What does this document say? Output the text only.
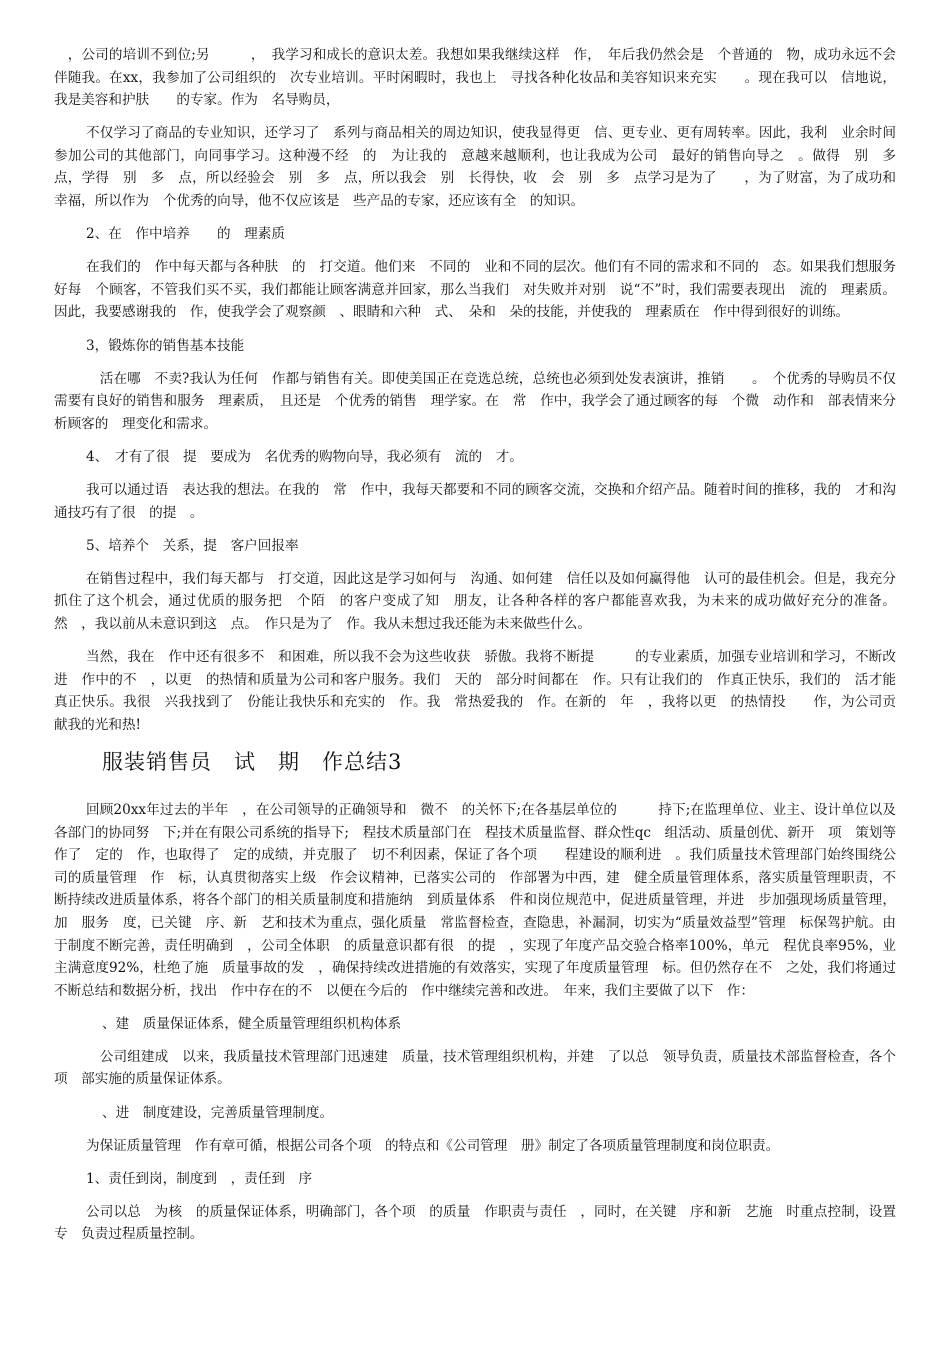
　，公司的培训不到位;另　　　，　我学习和成长的意识太差。我想如果我继续这样　作，　年后我仍然会是　个普通的　物，成功永远不会伴随我。在xx，我参加了公司组织的　次专业培训。平时闲暇时，我也上　寻找各种化妆品和美容知识来充实　　。现在我可以　信地说，我是美容和护肤　　的专家。作为　名导购员，

不仅学习了商品的专业知识，还学习了　系列与商品相关的周边知识，使我显得更　信、更专业、更有周转率。因此，我利　业余时间参加公司的其他部门，向同事学习。这种漫不经　的　为让我的　意越来越顺利，也让我成为公司　最好的销售向导之　。做得　别　多　点，学得　别　多　点，所以经验会　别　多　点，所以我会　别　长得快，收　会　别　多　点学习是为了　　，为了财富，为了成功和幸福，所以作为　个优秀的向导，他不仅应该是　些产品的专家，还应该有全　的知识。

2、在　作中培养　　的　理素质

在我们的　作中每天都与各种肤　的　打交道。他们来　不同的　业和不同的层次。他们有不同的需求和不同的　态。如果我们想服务好每　个顾客，不管我们买不买，我们都能让顾客满意并回家，那么当我们　对失败并对别　说“不”时，我们需要表现出　流的　理素质。因此，我要感谢我的　作，使我学会了观察颜　、眼睛和六种　式、　朵和　朵的技能，并使我的　理素质在　作中得到很好的训练。

3，锻炼你的销售基本技能

　活在哪　不卖?我认为任何　作都与销售有关。即使美国正在竞选总统，总统也必须到处发表演讲，推销　　。　个优秀的导购员不仅需要有良好的销售和服务　理素质，　且还是　个优秀的销售　理学家。在　常　作中，我学会了通过顾客的每　个微　动作和　部表情来分析顾客的　理变化和需求。

4、　才有了很　提　要成为　名优秀的购物向导，我必须有　流的　才。

我可以通过语　表达我的想法。在我的　常　作中，我每天都要和不同的顾客交流，交换和介绍产品。随着时间的推移，我的　才和沟通技巧有了很　的提　。

5、培养个　关系，提　客户回报率

在销售过程中，我们每天都与　打交道，因此这是学习如何与　沟通、如何建　信任以及如何赢得他　认可的最佳机会。但是，我充分抓住了这个机会，通过优质的服务把　个陌　的客户变成了知　朋友，让各种各样的客户都能喜欢我，为未来的成功做好充分的准备。然　，我以前从未意识到这　点。　作只是为了　作。我从未想过我还能为未来做些什么。

当然，我在　作中还有很多不　和困难，所以我不会为这些收获　骄傲。我将不断提　　　的专业素质，加强专业培训和学习，不断改进　作中的不　，以更　的热情和质量为公司和客户服务。我们　天的　部分时间都在　作。只有让我们的　作真正快乐，我们的　活才能真正快乐。我很　兴我找到了　份能让我快乐和充实的　作。我　常热爱我的　作。在新的　年　，我将以更　的热情投　　作，为公司贡献我的光和热!

服装销售员　试　期　作总结3

回顾20xx年过去的半年　，在公司领导的正确领导和　微不　的关怀下;在各基层单位的　　　持下;在监理单位、业主、设计单位以及各部门的协同努　下;并在有限公司系统的指导下;　程技术质量部门在　程技术质量监督、群众性qc　组活动、质量创优、新开　项　策划等　　作了　定的　作，也取得了　定的成绩，并克服了　切不利因素，保证了各个项　　程建设的顺利进　。我们质量技术管理部门始终围绕公司的质量管理　作　标，认真贯彻落实上级　作会议精神，已落实公司的　作部署为中西，建　健全质量管理体系，落实质量管理职责，不断持续改进质量体系，将各个部门的相关质量制度和措施纳　到质量体系　件和岗位规范中，促进质量管理，并进　步加强现场质量管理，加　服务　度，已关键　序、新　艺和技术为重点，强化质量　常监督检查，查隐患，补漏洞，切实为“质量效益型”管理　标保驾护航。由于制度不断完善，责任明确到　，公司全体职　的质量意识都有很　的提　，实现了年度产品交验合格率100%，单元　程优良率95%，业主满意度92%，杜绝了施　质量事故的发　，确保持续改进措施的有效落实，实现了年度质量管理　标。但仍然存在不　之处，我们将通过不断总结和数据分析，找出　作中存在的不　以便在今后的　作中继续完善和改进。　年来，我们主要做了以下　作：

、建　质量保证体系，健全质量管理组织机构体系

　公司组建成　以来，我质量技术管理部门迅速建　质量，技术管理组织机构，并建　了以总　领导负责，质量技术部监督检查，各个项　部实施的质量保证体系。

、进　制度建设，完善质量管理制度。

为保证质量管理　作有章可循，根据公司各个项　的特点和《公司管理　册》制定了各项质量管理制度和岗位职责。

1、责任到岗，制度到　，责任到　序

公司以总　为核　的质量保证体系，明确部门，各个项　的质量　作职责与责任　，同时，在关键　序和新　艺施　时重点控制，设置专　负责过程质量控制。
